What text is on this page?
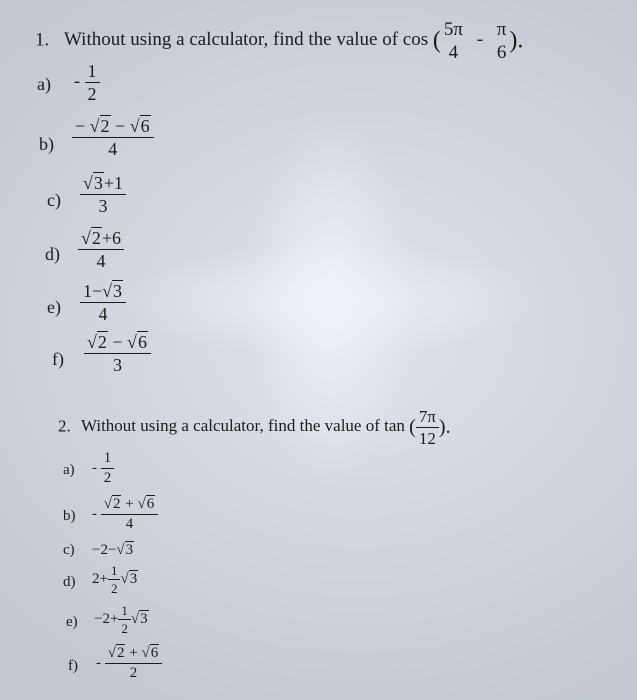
1. Without using a calculator, find the value of cos ( 5π
4
- π
6 ).
$a) - \frac{1}{2}$
$b) \frac{- √2 - √6}{4}$
$c) \frac{√3+1}{3}$
$d) \frac{√2+6}{4}$
$e) \frac{1-√3}{4}$
$f) \frac{√2 - √6}{3}$
2. Without using a calculator, find the value of tan ( $\frac{7\pi}{12}$ ).
$a) - \frac{1}{2}$
$b) - \frac{√2 + √6}{4}$
c) −2−√3
d) $2+ \frac{1}{2} √3$
$e) -2+ \frac{1}{2} √3$
$f) - \frac{√2 + √6}{2}$
